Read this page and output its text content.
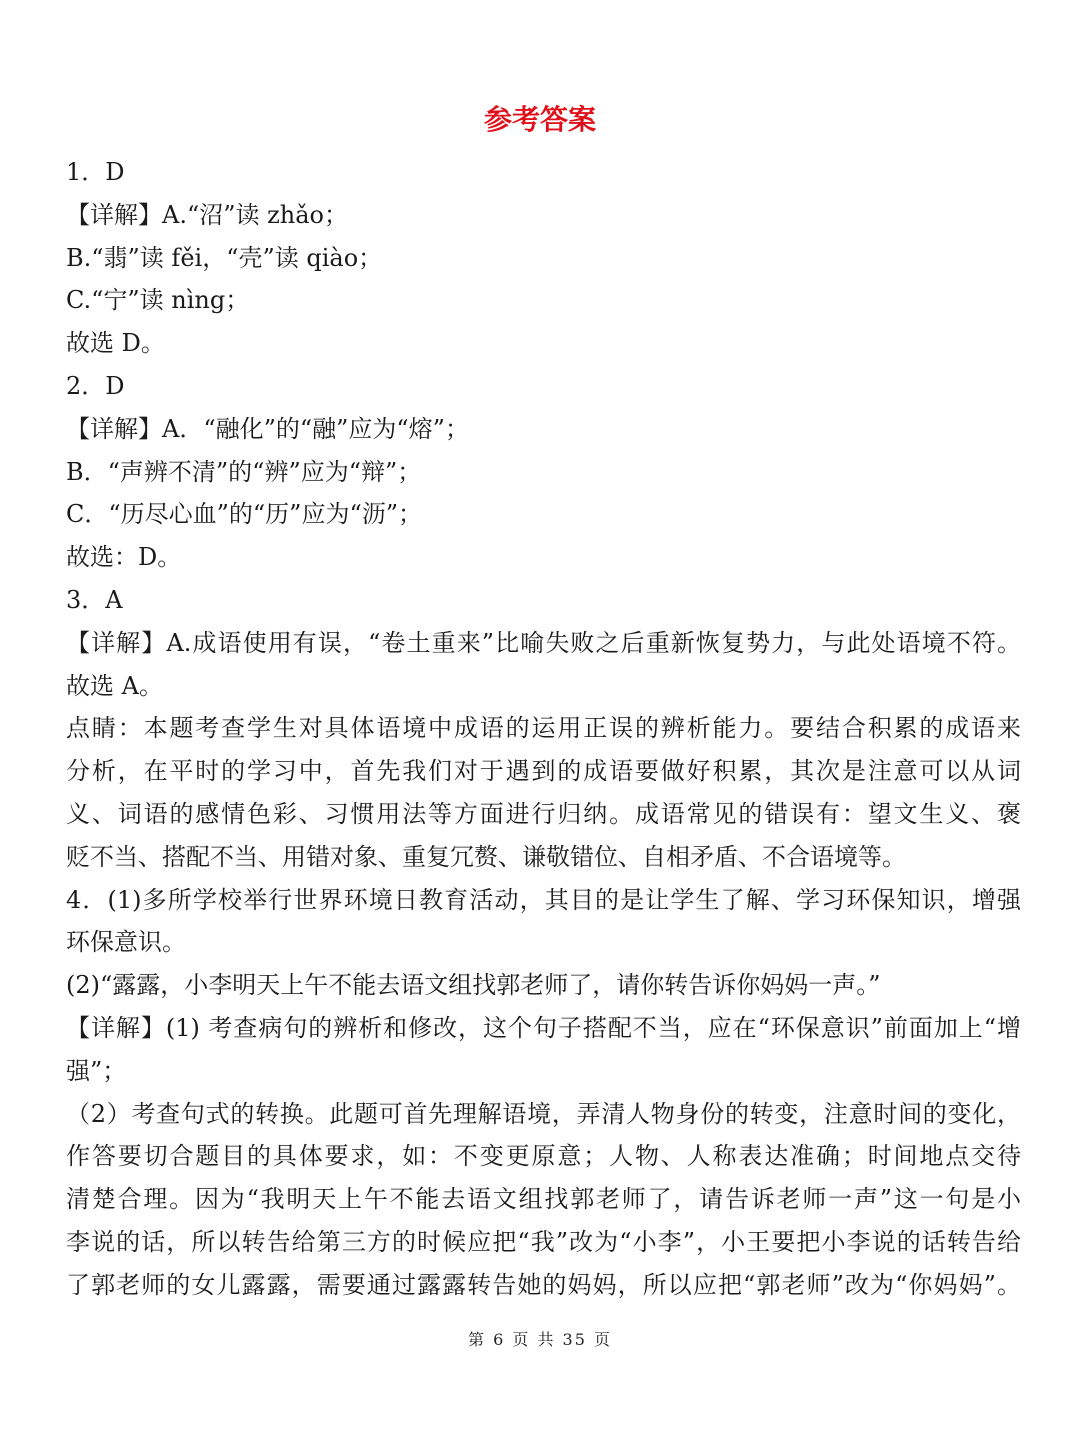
参考答案
1．D
【详解】A.“沼”读 zhǎo；
B.“翡”读 fěi，“壳”读 qiào；
C.“宁”读 nìng；
故选 D。
2．D
【详解】A．“融化”的“融”应为“熔”；
B．“声辨不清”的“辨”应为“辩”；
C．“历尽心血”的“历”应为“沥”；
故选：D。
3．A
【详解】A.成语使用有误，“卷土重来”比喻失败之后重新恢复势力，与此处语境不符。
故选 A。
点睛：本题考查学生对具体语境中成语的运用正误的辨析能力。要结合积累的成语来
分析，在平时的学习中，首先我们对于遇到的成语要做好积累，其次是注意可以从词
义、词语的感情色彩、习惯用法等方面进行归纳。成语常见的错误有：望文生义、褒
贬不当、搭配不当、用错对象、重复冗赘、谦敬错位、自相矛盾、不合语境等。
4．(1)多所学校举行世界环境日教育活动，其目的是让学生了解、学习环保知识，增强
环保意识。
(2)“露露，小李明天上午不能去语文组找郭老师了，请你转告诉你妈妈一声。”
【详解】(1) 考查病句的辨析和修改，这个句子搭配不当，应在“环保意识”前面加上“增
强”；
（2）考查句式的转换。此题可首先理解语境，弄清人物身份的转变，注意时间的变化，
作答要切合题目的具体要求，如：不变更原意；人物、人称表达准确；时间地点交待
清楚合理。因为“我明天上午不能去语文组找郭老师了，请告诉老师一声”这一句是小
李说的话，所以转告给第三方的时候应把“我”改为“小李”，小王要把小李说的话转告给
了郭老师的女儿露露，需要通过露露转告她的妈妈，所以应把“郭老师”改为“你妈妈”。
第 6 页 共 35 页
